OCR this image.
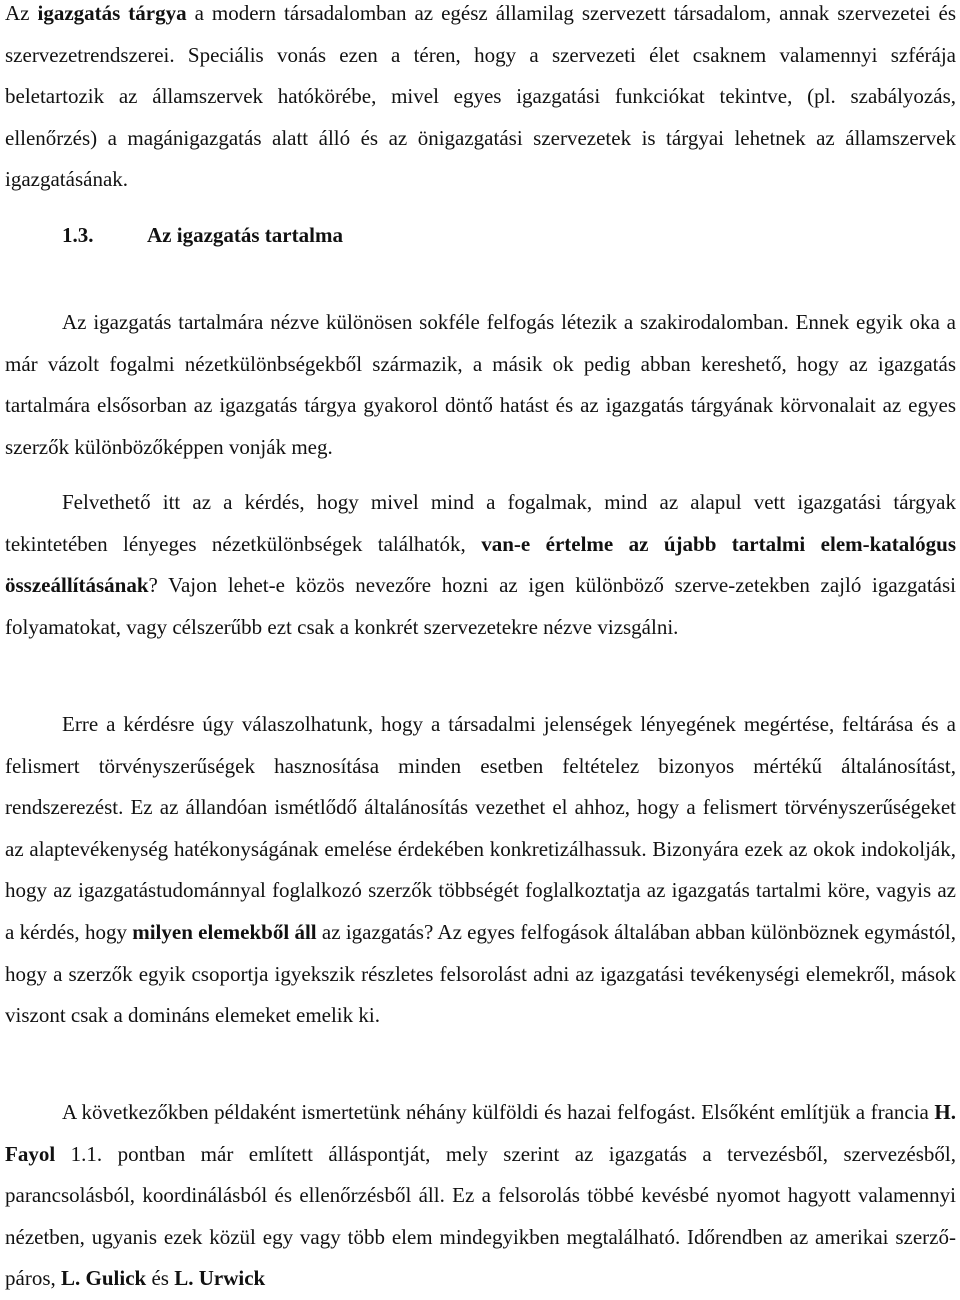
Az igazgatás tárgya a modern társadalomban az egész államilag szervezett társadalom, annak szervezetei és szervezetrendszerei. Speciális vonás ezen a téren, hogy a szervezeti élet csaknem valamennyi szférája beletartozik az államszervek hatókörébe, mivel egyes igazgatási funkciókat tekintve, (pl. szabályozás, ellenőrzés) a magánigazgatás alatt álló és az önigazgatási szervezetek is tárgyai lehetnek az államszervek igazgatásának.

1.3.	Az igazgatás tartalma

Az igazgatás tartalmára nézve különösen sokféle felfogás létezik a szakirodalomban. Ennek egyik oka a már vázolt fogalmi nézetkülönbségekből származik, a másik ok pedig abban kereshető, hogy az igazgatás tartalmára elsősorban az igazgatás tárgya gyakorol döntő hatást és az igazgatás tárgyának körvonalait az egyes szerzők különbözőképpen vonják meg.

Felvethető itt az a kérdés, hogy mivel mind a fogalmak, mind az alapul vett igazgatási tárgyak tekintetében lényeges nézetkülönbségek találhatók, van-e értelme az újabb tartalmi elem-katalógus összeállításának? Vajon lehet-e közös nevezőre hozni az igen különböző szerve-zetekben zajló igazgatási folyamatokat, vagy célszerűbb ezt csak a konkrét szervezetekre nézve vizsgálni.

Erre a kérdésre úgy válaszolhatunk, hogy a társadalmi jelenségek lényegének megértése, feltárása és a felismert törvényszerűségek hasznosítása minden esetben feltételez bizonyos mértékű általánosítást, rendszerezést. Ez az állandóan ismétlődő általánosítás vezethet el ahhoz, hogy a felismert törvényszerűségeket az alaptevékenység hatékonyságának emelése érdekében konkretizálhassuk. Bizonyára ezek az okok indokolják, hogy az igazgatástudománnyal foglalkozó szerzők többségét foglalkoztatja az igazgatás tartalmi köre, vagyis az a kérdés, hogy milyen elemekből áll az igazgatás? Az egyes felfogások általában abban különböznek egymástól, hogy a szerzők egyik csoportja igyekszik részletes felsorolást adni az igazgatási tevékenységi elemekről, mások viszont csak a domináns elemeket emelik ki.

A következőkben példaként ismertetünk néhány külföldi és hazai felfogást. Elsőként említjük a francia H. Fayol 1.1. pontban már említett álláspontját, mely szerint az igazgatás a tervezésből, szervezésből, parancsolásból, koordinálásból és ellenőrzésből áll. Ez a felsorolás többé kevésbé nyomot hagyott valamennyi nézetben, ugyanis ezek közül egy vagy több elem mindegyikben megtalálható. Időrendben az amerikai szerző-páros, L. Gulick és L. Urwick
